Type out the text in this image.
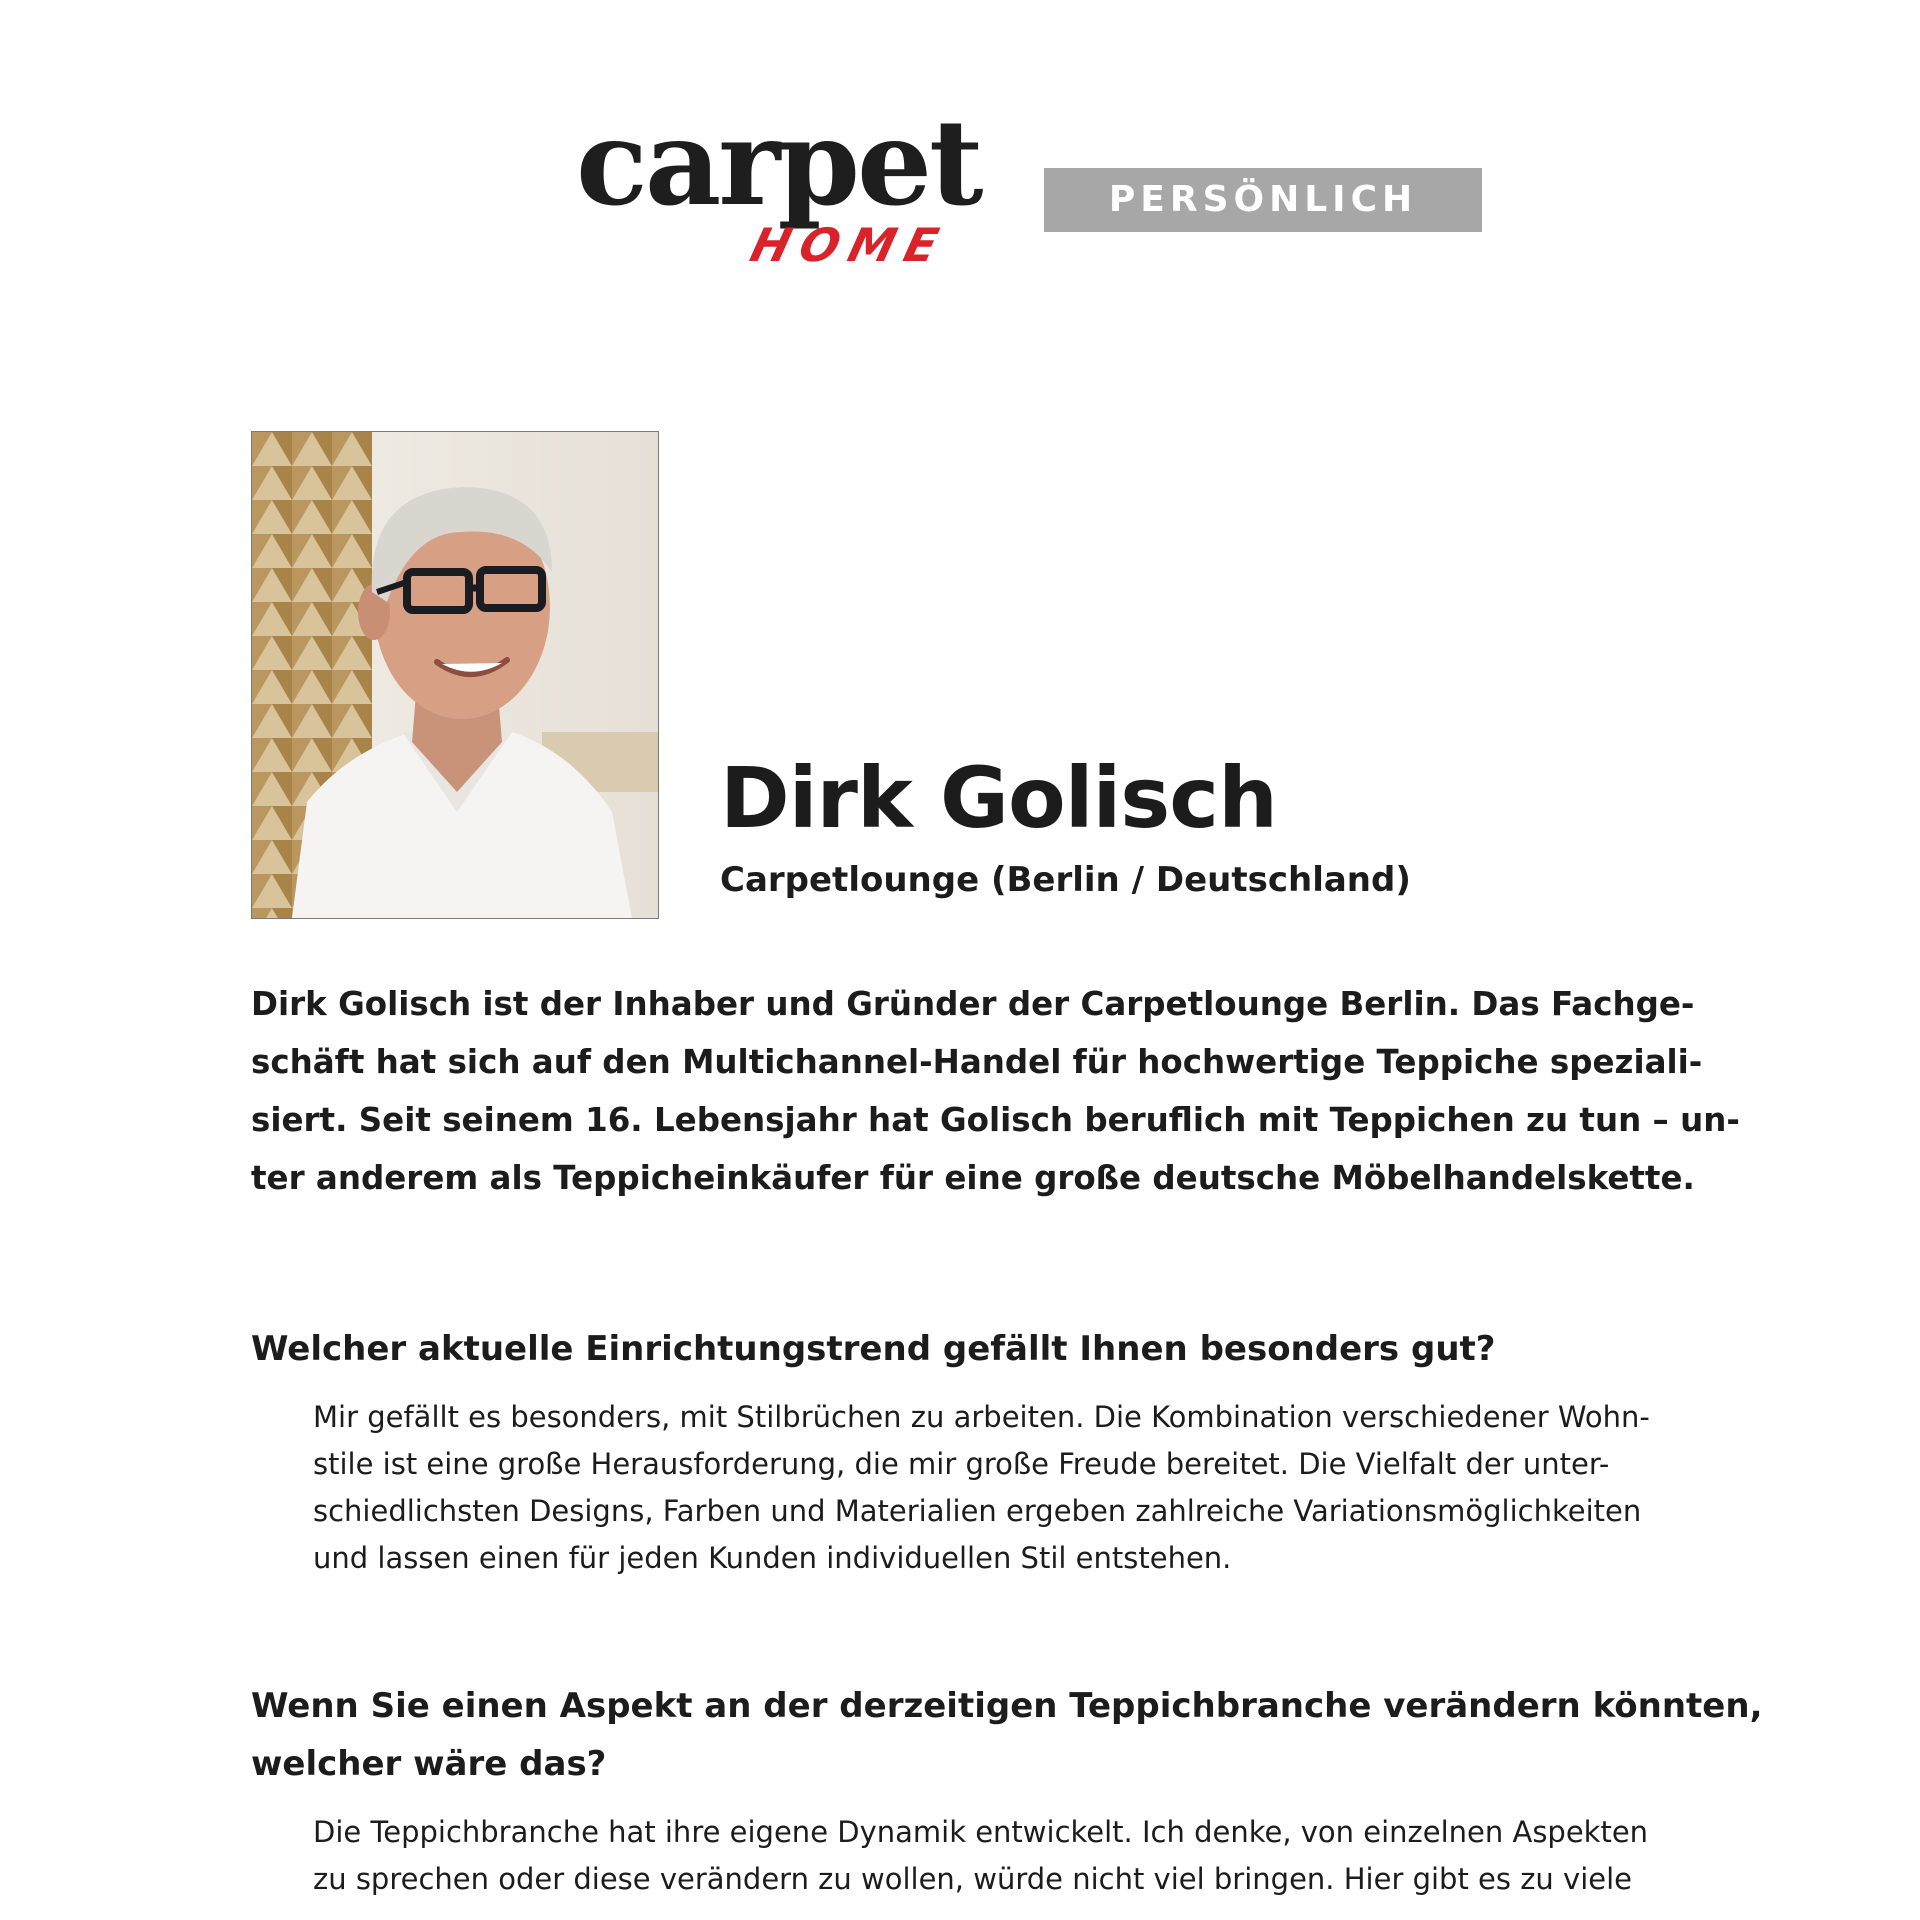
carpet
HOME
PERSÖNLICH
Dirk Golisch
Carpetlounge (Berlin / Deutschland)
Dirk Golisch ist der Inhaber und Gründer der Carpetlounge Berlin. Das Fachge-
schäft hat sich auf den Multichannel-Handel für hochwertige Teppiche speziali-
siert. Seit seinem 16. Lebensjahr hat Golisch beruflich mit Teppichen zu tun – un-
ter anderem als Teppicheinkäufer für eine große deutsche Möbelhandelskette.
Welcher aktuelle Einrichtungstrend gefällt Ihnen besonders gut?
Mir gefällt es besonders, mit Stilbrüchen zu arbeiten. Die Kombination verschiedener Wohn-
stile ist eine große Herausforderung, die mir große Freude bereitet. Die Vielfalt der unter-
schiedlichsten Designs, Farben und Materialien ergeben zahlreiche Variationsmöglichkeiten
und lassen einen für jeden Kunden individuellen Stil entstehen.
Wenn Sie einen Aspekt an der derzeitigen Teppichbranche verändern könnten,
welcher wäre das?
Die Teppichbranche hat ihre eigene Dynamik entwickelt. Ich denke, von einzelnen Aspekten
zu sprechen oder diese verändern zu wollen, würde nicht viel bringen. Hier gibt es zu viele
